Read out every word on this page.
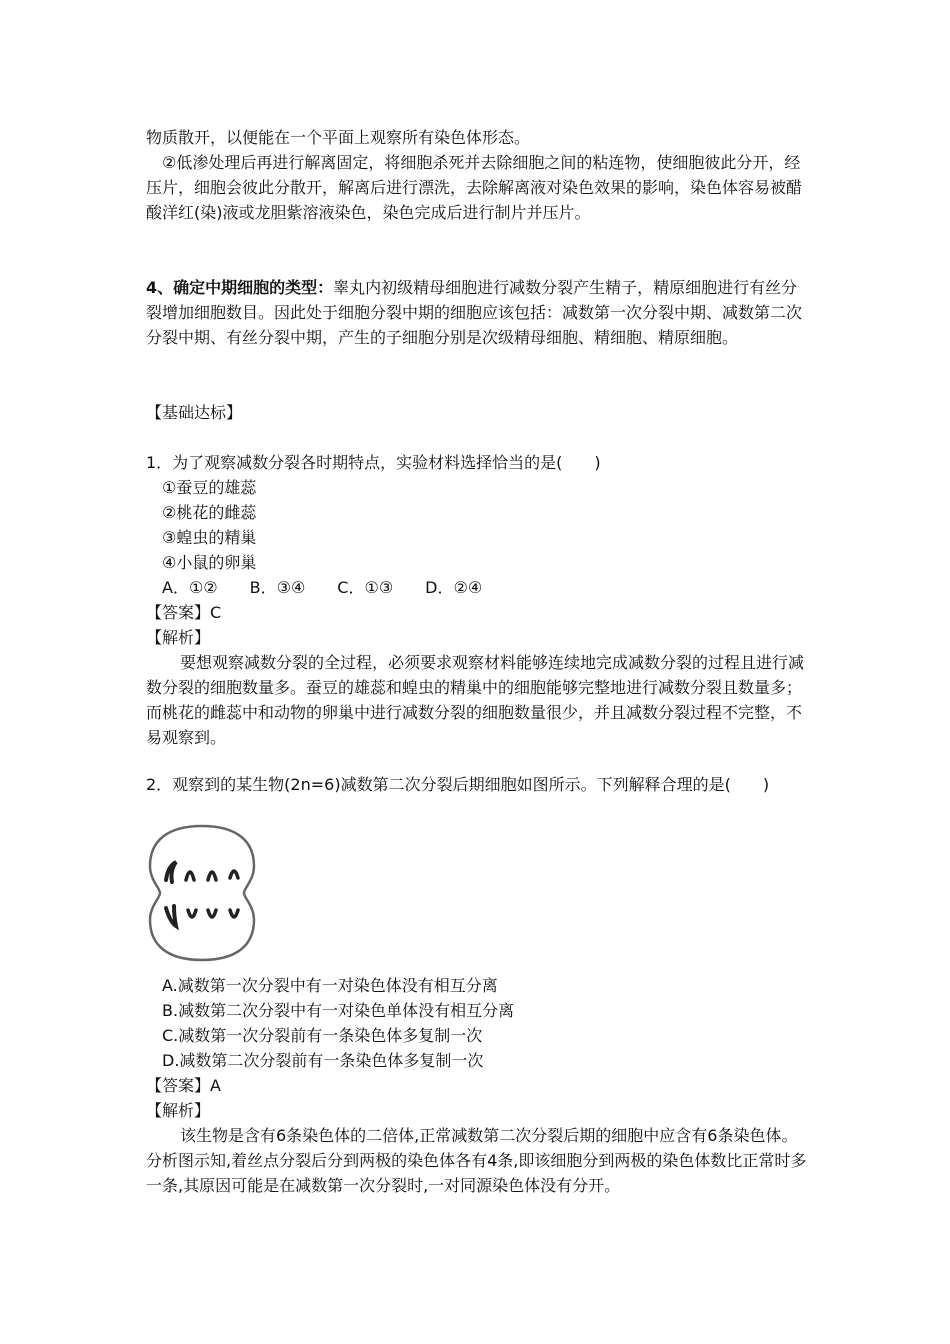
物质散开，以便能在一个平面上观察所有染色体形态。

②低渗处理后再进行解离固定，将细胞杀死并去除细胞之间的粘连物，使细胞彼此分开，经压片，细胞会彼此分散开，解离后进行漂洗，去除解离液对染色效果的影响，染色体容易被醋酸洋红(染)液或龙胆紫溶液染色，染色完成后进行制片并压片。

4、确定中期细胞的类型：睾丸内初级精母细胞进行减数分裂产生精子，精原细胞进行有丝分裂增加细胞数目。因此处于细胞分裂中期的细胞应该包括：减数第一次分裂中期、减数第二次分裂中期、有丝分裂中期，产生的子细胞分别是次级精母细胞、精细胞、精原细胞。

【基础达标】

1．为了观察减数分裂各时期特点，实验材料选择恰当的是(　　)

①蚕豆的雄蕊

②桃花的雌蕊

③蝗虫的精巢

④小鼠的卵巢

A．①②　　B．③④　　C．①③　　D．②④

【答案】C

【解析】

要想观察减数分裂的全过程，必须要求观察材料能够连续地完成减数分裂的过程且进行减数分裂的细胞数量多。蚕豆的雄蕊和蝗虫的精巢中的细胞能够完整地进行减数分裂且数量多；而桃花的雌蕊中和动物的卵巢中进行减数分裂的细胞数量很少，并且减数分裂过程不完整，不易观察到。

2．观察到的某生物(2n=6)减数第二次分裂后期细胞如图所示。下列解释合理的是(　　)

A.减数第一次分裂中有一对染色体没有相互分离

B.减数第二次分裂中有一对染色单体没有相互分离

C.减数第一次分裂前有一条染色体多复制一次

D.减数第二次分裂前有一条染色体多复制一次

【答案】A

【解析】

该生物是含有6条染色体的二倍体,正常减数第二次分裂后期的细胞中应含有6条染色体。分析图示知,着丝点分裂后分到两极的染色体各有4条,即该细胞分到两极的染色体数比正常时多一条,其原因可能是在减数第一次分裂时,一对同源染色体没有分开。
